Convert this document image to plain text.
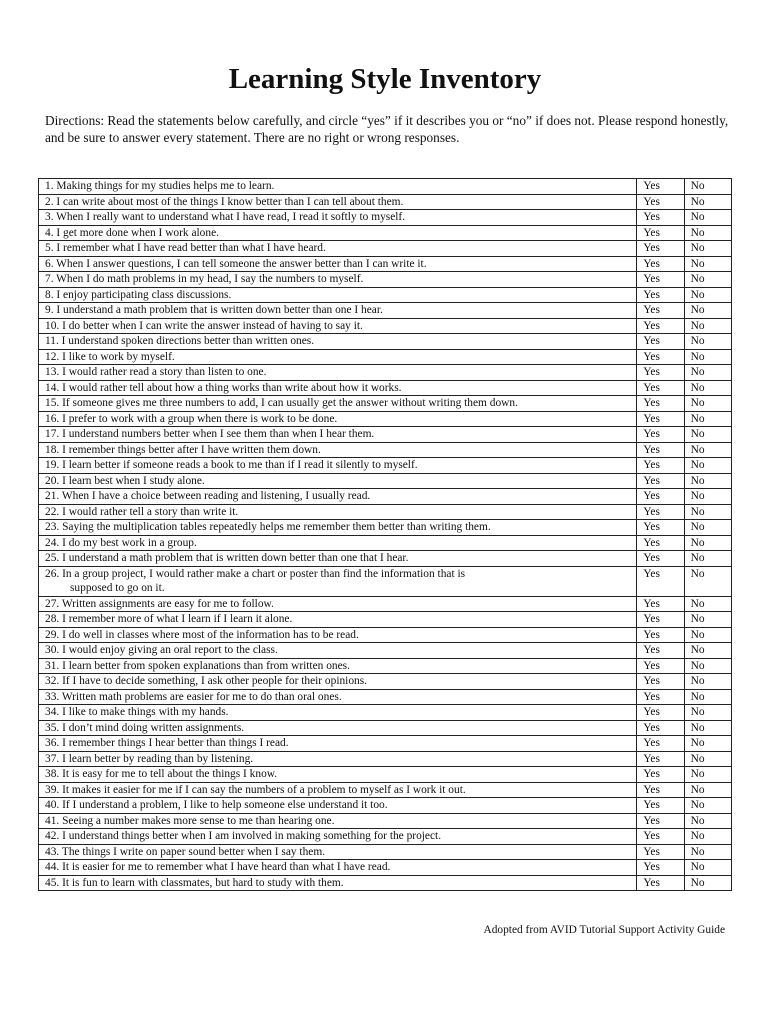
Learning Style Inventory

Directions: Read the statements below carefully, and circle “yes” if it describes you or “no” if does not. Please respond honestly, and be sure to answer every statement. There are no right or wrong responses.

1. Making things for my studies helps me to learn.	Yes	No

2. I can write about most of the things I know better than I can tell about them.	Yes	No

3. When I really want to understand what I have read, I read it softly to myself.	Yes	No

4. I get more done when I work alone.	Yes	No

5. I remember what I have read better than what I have heard.	Yes	No

6. When I answer questions, I can tell someone the answer better than I can write it.	Yes	No

7. When I do math problems in my head, I say the numbers to myself.	Yes	No

8. I enjoy participating class discussions.	Yes	No

9. I understand a math problem that is written down better than one I hear.	Yes	No

10. I do better when I can write the answer instead of having to say it.	Yes	No

11. I understand spoken directions better than written ones.	Yes	No

12. I like to work by myself.	Yes	No

13. I would rather read a story than listen to one.	Yes	No

14. I would rather tell about how a thing works than write about how it works.	Yes	No

15. If someone gives me three numbers to add, I can usually get the answer without writing them down.	Yes	No

16. I prefer to work with a group when there is work to be done.	Yes	No

17. I understand numbers better when I see them than when I hear them.	Yes	No

18. I remember things better after I have written them down.	Yes	No

19. I learn better if someone reads a book to me than if I read it silently to myself.	Yes	No

20. I learn best when I study alone.	Yes	No

21. When I have a choice between reading and listening, I usually read.	Yes	No

22. I would rather tell a story than write it.	Yes	No

23. Saying the multiplication tables repeatedly helps me remember them better than writing them.	Yes	No

24. I do my best work in a group.	Yes	No

25. I understand a math problem that is written down better than one that I hear.	Yes	No

26. In a group project, I would rather make a chart or poster than find the information that is
supposed to go on it.	Yes	No

27. Written assignments are easy for me to follow.	Yes	No

28. I remember more of what I learn if I learn it alone.	Yes	No

29. I do well in classes where most of the information has to be read.	Yes	No

30. I would enjoy giving an oral report to the class.	Yes	No

31. I learn better from spoken explanations than from written ones.	Yes	No

32. If I have to decide something, I ask other people for their opinions.	Yes	No

33. Written math problems are easier for me to do than oral ones.	Yes	No

34. I like to make things with my hands.	Yes	No

35. I don’t mind doing written assignments.	Yes	No

36. I remember things I hear better than things I read.	Yes	No

37. I learn better by reading than by listening.	Yes	No

38. It is easy for me to tell about the things I know.	Yes	No

39. It makes it easier for me if I can say the numbers of a problem to myself as I work it out.	Yes	No

40. If I understand a problem, I like to help someone else understand it too.	Yes	No

41. Seeing a number makes more sense to me than hearing one.	Yes	No

42. I understand things better when I am involved in making something for the project.	Yes	No

43. The things I write on paper sound better when I say them.	Yes	No

44. It is easier for me to remember what I have heard than what I have read.	Yes	No

45. It is fun to learn with classmates, but hard to study with them.	Yes	No

Adopted from AVID Tutorial Support Activity Guide
